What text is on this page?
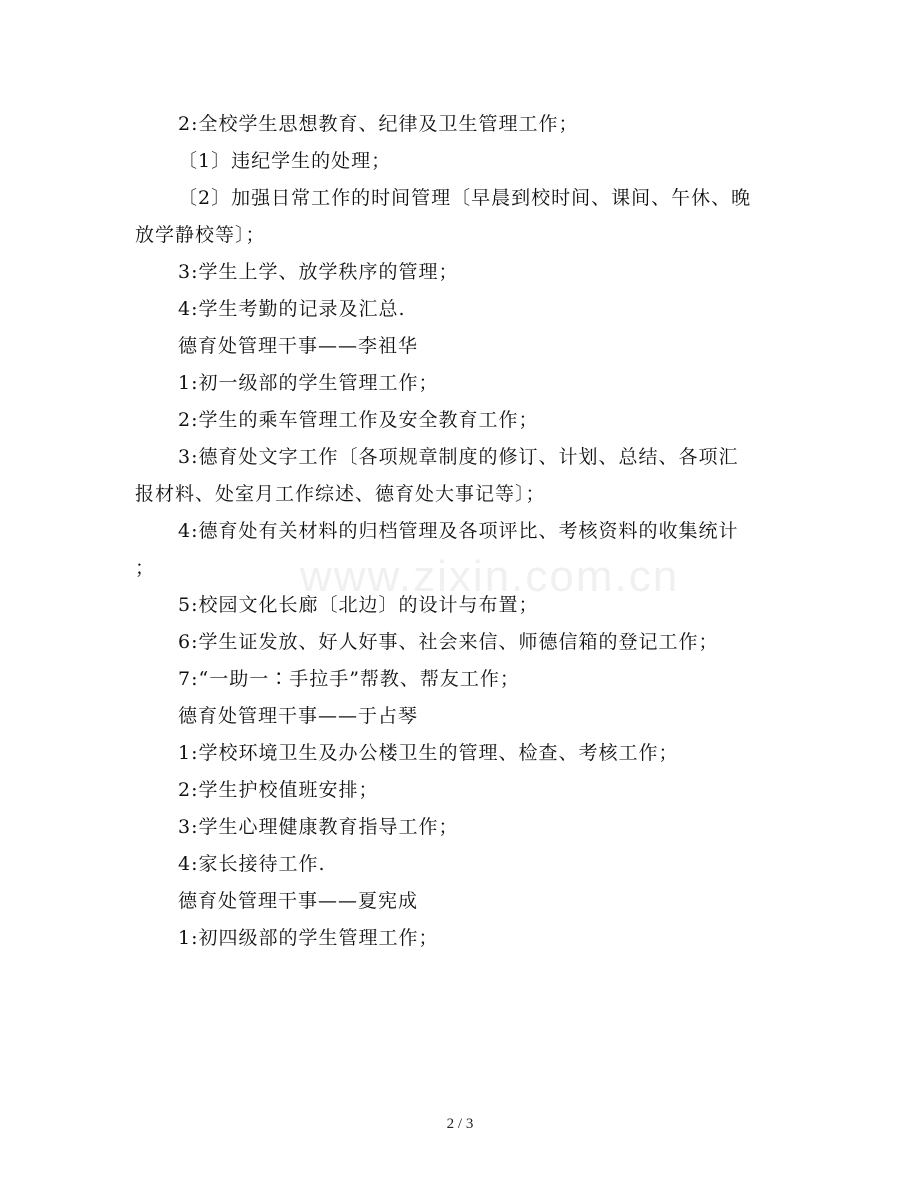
www.zixin.com.cn
2:全校学生思想教育、纪律及卫生管理工作；
〔1〕违纪学生的处理；
〔2〕加强日常工作的时间管理〔早晨到校时间、课间、午休、晚
放学静校等〕；
3:学生上学、放学秩序的管理；
4:学生考勤的记录及汇总.
德育处管理干事——李祖华
1:初一级部的学生管理工作；
2:学生的乘车管理工作及安全教育工作；
3:德育处文字工作〔各项规章制度的修订、计划、总结、各项汇
报材料、处室月工作综述、德育处大事记等〕；
4:德育处有关材料的归档管理及各项评比、考核资料的收集统计
；
5:校园文化长廊〔北边〕的设计与布置；
6:学生证发放、好人好事、社会来信、师德信箱的登记工作；
7:“一助一∶手拉手”帮教、帮友工作；
德育处管理干事——于占琴
1:学校环境卫生及办公楼卫生的管理、检查、考核工作；
2:学生护校值班安排；
3:学生心理健康教育指导工作；
4:家长接待工作.
德育处管理干事——夏宪成
1:初四级部的学生管理工作；
2 / 3
